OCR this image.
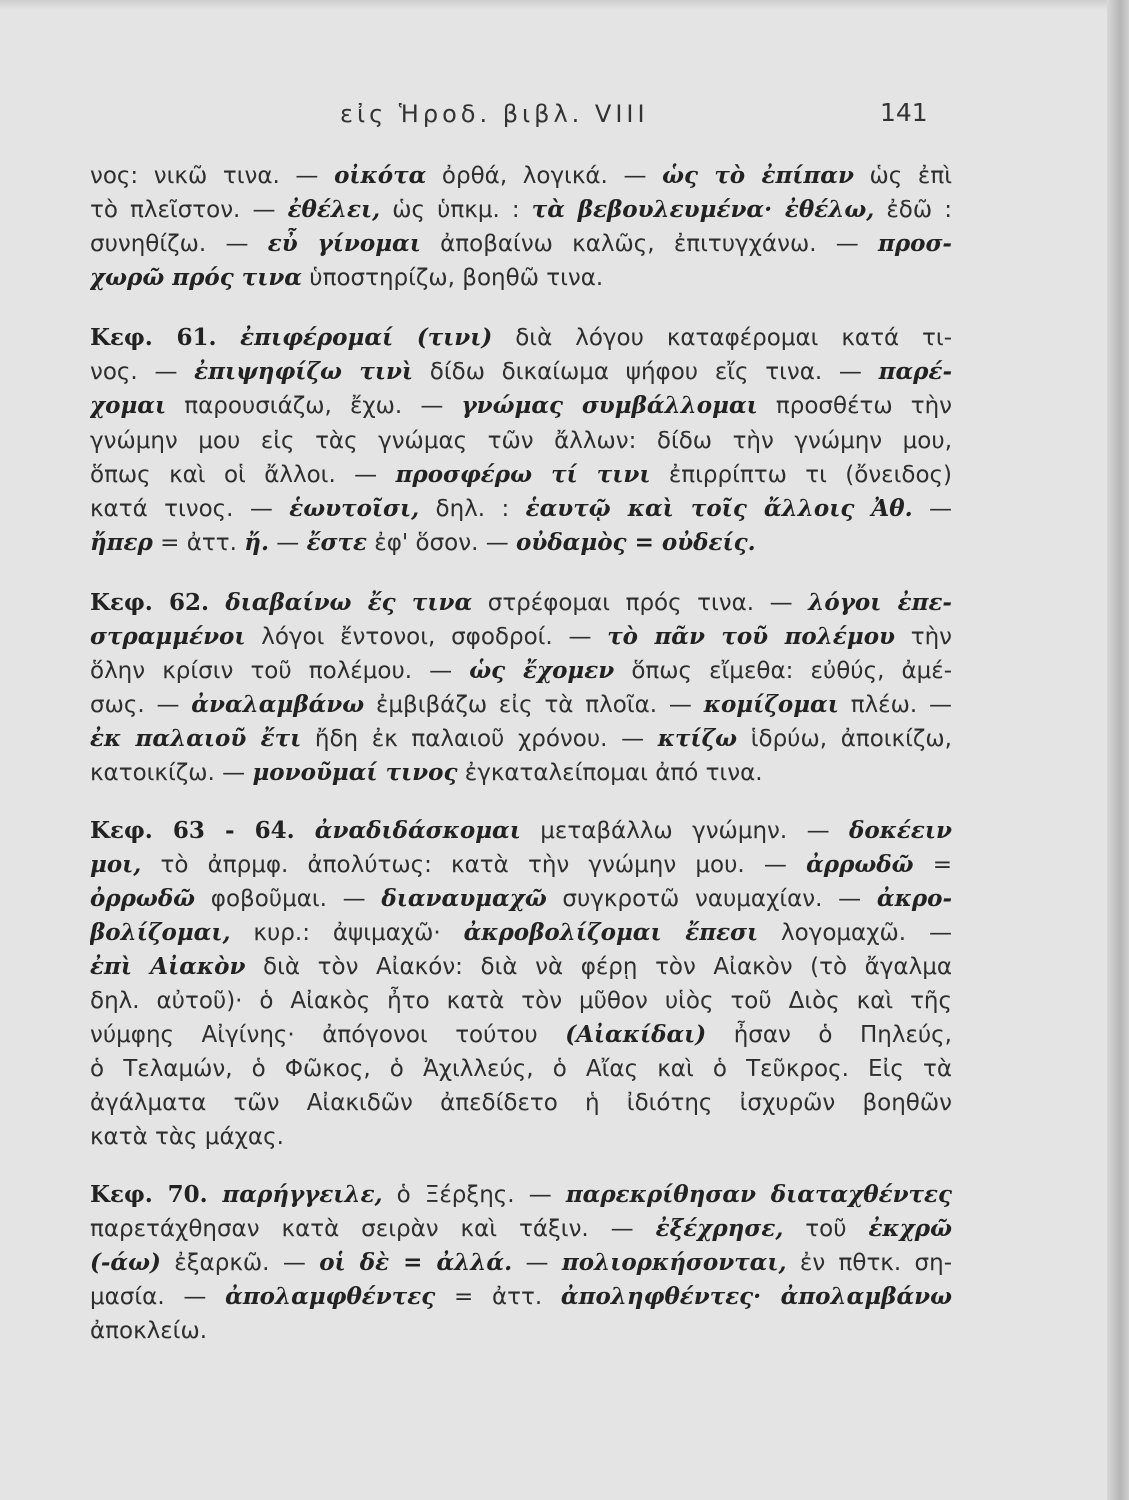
εἰς Ἡροδ. βιβλ. VIII	141
νος: νικῶ τινα. — οἰκότα ὀρθά, λογικά. — ὡς τὸ ἐπίπαν ὡς ἐπὶ
τὸ πλεῖστον. — ἐθέλει, ὡς ὑπκμ. : τὰ βεβουλευμένα· ἐθέλω, ἐδῶ :
συνηθίζω. — εὖ γίνομαι ἀποβαίνω καλῶς, ἐπιτυγχάνω. — προσ-
χωρῶ πρός τινα ὑποστηρίζω, βοηθῶ τινα.
Κεφ. 61. ἐπιφέρομαί (τινι) διὰ λόγου καταφέρομαι κατά τι-
νος. — ἐπιψηφίζω τινὶ δίδω δικαίωμα ψήφου εἴς τινα. — παρέ-
χομαι παρουσιάζω, ἔχω. — γνώμας συμβάλλομαι προσθέτω τὴν
γνώμην μου εἰς τὰς γνώμας τῶν ἄλλων: δίδω τὴν γνώμην μου,
ὅπως καὶ οἱ ἄλλοι. — προσφέρω τί τινι ἐπιρρίπτω τι (ὄνειδος)
κατά τινος. — ἑωυτοῖσι, δηλ. : ἑαυτῷ καὶ τοῖς ἄλλοις Ἀθ. —
ἤπερ = ἀττ. ἤ. — ἔστε ἐφ' ὅσον. — οὐδαμὸς = οὐδείς.
Κεφ. 62. διαβαίνω ἔς τινα στρέφομαι πρός τινα. — λόγοι ἐπε-
στραμμένοι λόγοι ἔντονοι, σφοδροί. — τὸ πᾶν τοῦ πολέμου τὴν
ὅλην κρίσιν τοῦ πολέμου. — ὡς ἔχομεν ὅπως εἴμεθα: εὐθύς, ἀμέ-
σως. — ἀναλαμβάνω ἐμβιβάζω εἰς τὰ πλοῖα. — κομίζομαι πλέω. —
ἐκ παλαιοῦ ἔτι ἤδη ἐκ παλαιοῦ χρόνου. — κτίζω ἱδρύω, ἀποικίζω,
κατοικίζω. — μονοῦμαί τινος ἐγκαταλείπομαι ἀπό τινα.
Κεφ. 63 - 64. ἀναδιδάσκομαι μεταβάλλω γνώμην. — δοκέειν
μοι, τὸ ἀπρμφ. ἀπολύτως: κατὰ τὴν γνώμην μου. — ἀρρωδῶ =
ὀρρωδῶ φοβοῦμαι. — διαναυμαχῶ συγκροτῶ ναυμαχίαν. — ἀκρο-
βολίζομαι, κυρ.: ἀψιμαχῶ· ἀκροβολίζομαι ἔπεσι λογομαχῶ. —
ἐπὶ Αἰακὸν διὰ τὸν Αἰακόν: διὰ νὰ φέρῃ τὸν Αἰακὸν (τὸ ἄγαλμα
δηλ. αὐτοῦ)· ὁ Αἰακὸς ἦτο κατὰ τὸν μῦθον υἱὸς τοῦ Διὸς καὶ τῆς
νύμφης Αἰγίνης· ἀπόγονοι τούτου (Αἰακίδαι) ἦσαν ὁ Πηλεύς,
ὁ Τελαμών, ὁ Φῶκος, ὁ Ἀχιλλεύς, ὁ Αἴας καὶ ὁ Τεῦκρος. Εἰς τὰ
ἀγάλματα τῶν Αἰακιδῶν ἀπεδίδετο ἡ ἰδιότης ἰσχυρῶν βοηθῶν
κατὰ τὰς μάχας.
Κεφ. 70. παρήγγειλε, ὁ Ξέρξης. — παρεκρίθησαν διαταχθέντες
παρετάχθησαν κατὰ σειρὰν καὶ τάξιν. — ἐξέχρησε, τοῦ ἐκχρῶ
(-άω) ἐξαρκῶ. — οἱ δὲ = ἀλλά. — πολιορκήσονται, ἐν πθτκ. ση-
μασία. — ἀπολαμφθέντες = ἀττ. ἀποληφθέντες· ἀπολαμβάνω
ἀποκλείω.
